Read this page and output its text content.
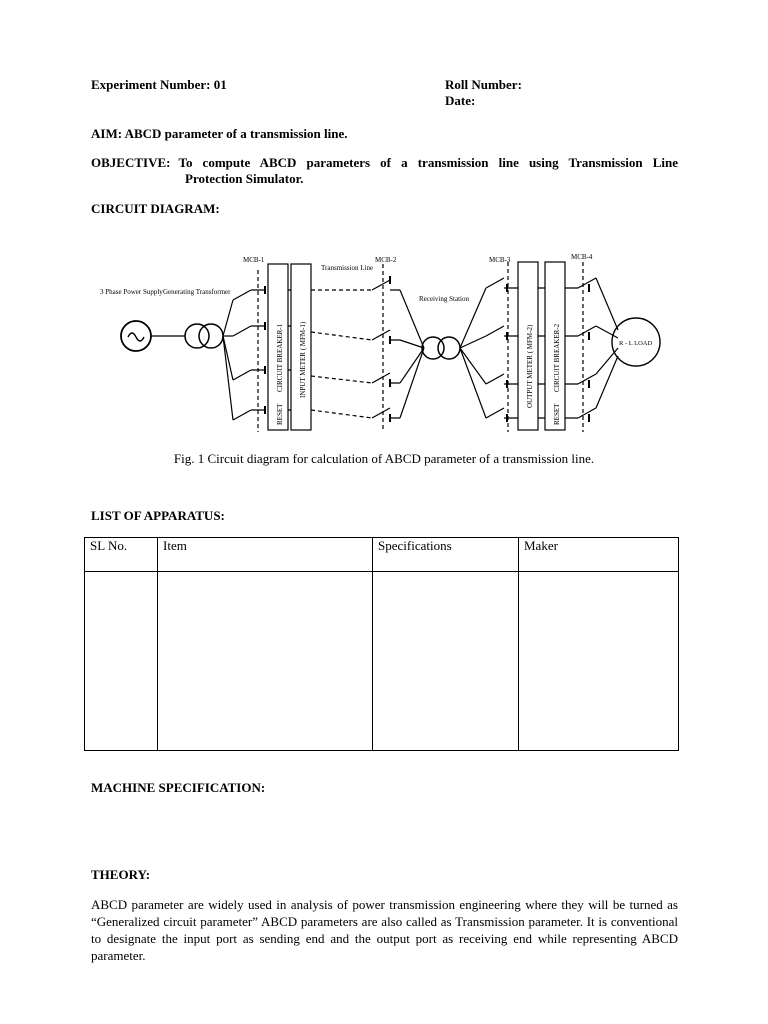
Experiment Number: 01	Roll Number:
Date:
AIM: ABCD parameter of a transmission line.
OBJECTIVE: To compute ABCD parameters of a transmission line using Transmission Line
Protection Simulator.
CIRCUIT DIAGRAM:
MCB-1	MCB-2	MCB-3	MCB-4
3 Phase Power Supply Generating Transformer
Transmission Line
Receiving Station
R - L LOAD
RESET
CIRCUIT BREAKER-1 INPUT METER ( MFM-1)	OUTPUT METER ( MFM-2)
RESET
CIRCUIT BREAKER-2
Fig. 1 Circuit diagram for calculation of ABCD parameter of a transmission line.
LIST OF APPARATUS:
SL No.	Item	Specifications	Maker

MACHINE SPECIFICATION:
THEORY:
ABCD parameter are widely used in analysis of power transmission engineering where they will be turned as “Generalized circuit parameter” ABCD parameters are also called as Transmission parameter. It is conventional to designate the input port as sending end and the output port as receiving end while representing ABCD parameter.
